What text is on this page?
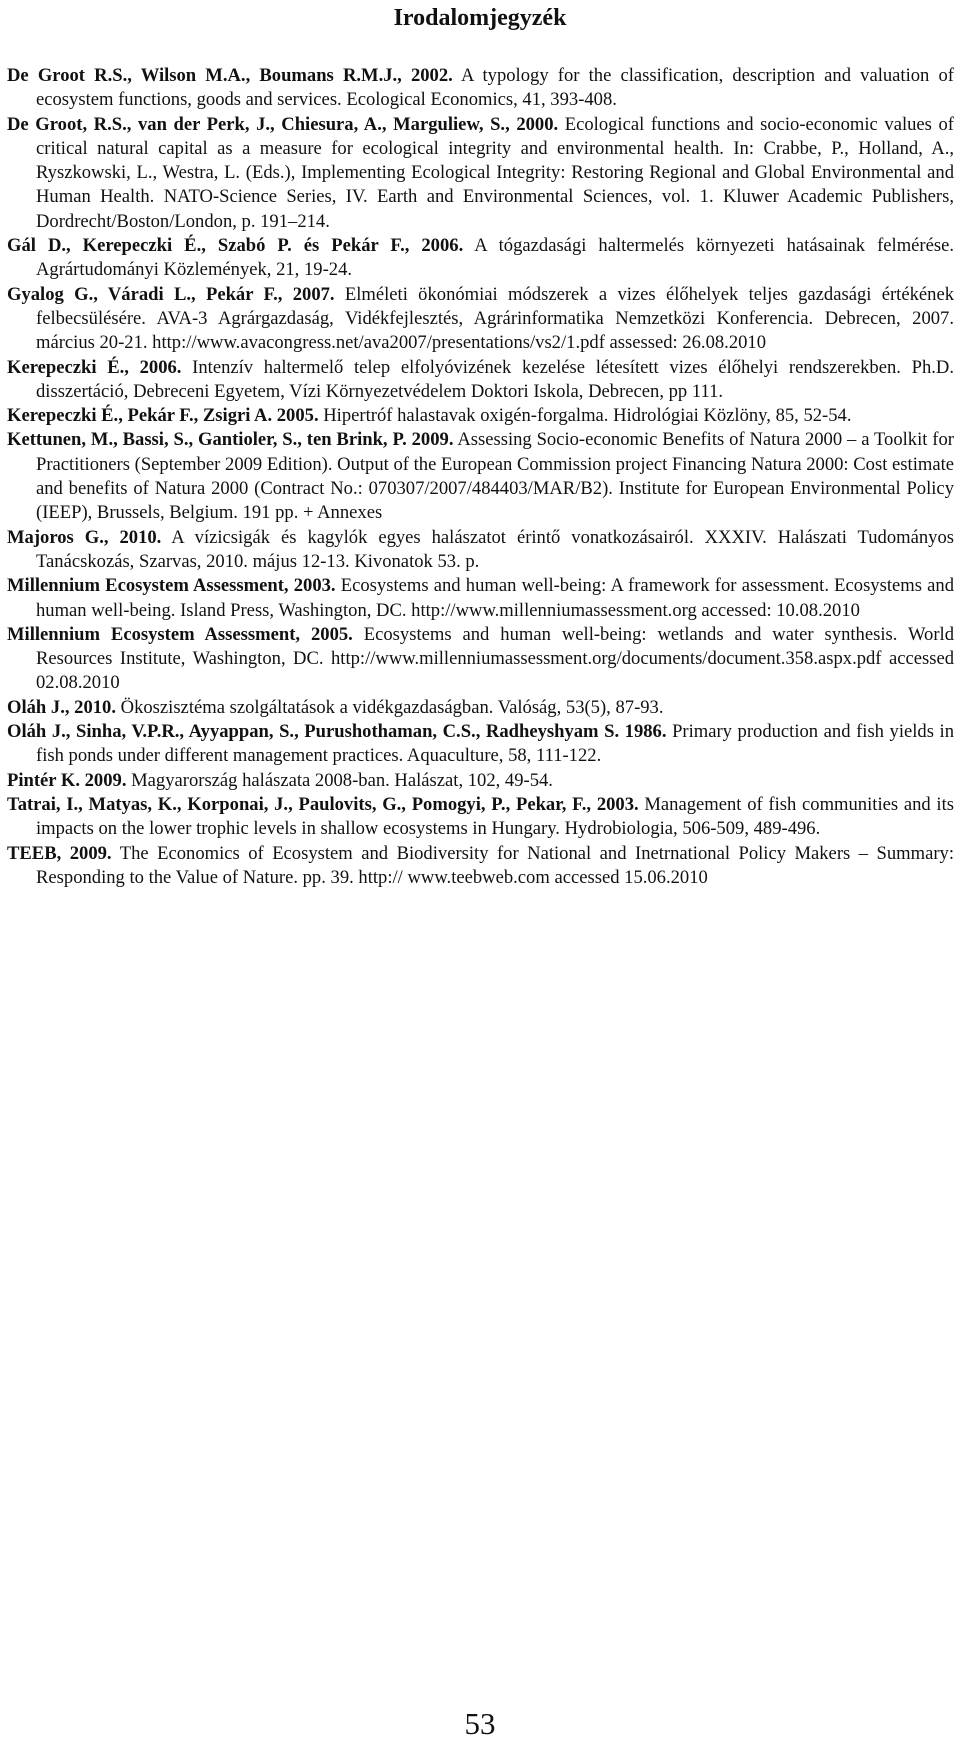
Irodalomjegyzék
De Groot R.S., Wilson M.A., Boumans R.M.J., 2002. A typology for the classification, description and valuation of ecosystem functions, goods and services. Ecological Economics, 41, 393-408.
De Groot, R.S., van der Perk, J., Chiesura, A., Marguliew, S., 2000. Ecological functions and socio-economic values of critical natural capital as a measure for ecological integrity and environmental health. In: Crabbe, P., Holland, A., Ryszkowski, L., Westra, L. (Eds.), Implementing Ecological Integrity: Restoring Regional and Global Environmental and Human Health. NATO-Science Series, IV. Earth and Environmental Sciences, vol. 1. Kluwer Academic Publishers, Dordrecht/Boston/London, p. 191–214.
Gál D., Kerepeczki É., Szabó P. és Pekár F., 2006. A tógazdasági haltermelés környezeti hatásainak felmérése. Agrártudományi Közlemények, 21, 19-24.
Gyalog G., Váradi L., Pekár F., 2007. Elméleti ökonómiai módszerek a vizes élőhelyek teljes gazdasági értékének felbecsülésére. AVA-3 Agrárgazdaság, Vidékfejlesztés, Agrárinformatika Nemzetközi Konferencia. Debrecen, 2007. március 20-21. http://www.avacongress.net/ava2007/presentations/vs2/1.pdf assessed: 26.08.2010
Kerepeczki É., 2006. Intenzív haltermelő telep elfolyóvizének kezelése létesített vizes élőhelyi rendszerekben. Ph.D. disszertáció, Debreceni Egyetem, Vízi Környezetvédelem Doktori Iskola, Debrecen, pp 111.
Kerepeczki É., Pekár F., Zsigri A. 2005. Hipertróf halastavak oxigén-forgalma. Hidrológiai Közlöny, 85, 52-54.
Kettunen, M., Bassi, S., Gantioler, S., ten Brink, P. 2009. Assessing Socio-economic Benefits of Natura 2000 – a Toolkit for Practitioners (September 2009 Edition). Output of the European Commission project Financing Natura 2000: Cost estimate and benefits of Natura 2000 (Contract No.: 070307/2007/484403/MAR/B2). Institute for European Environmental Policy (IEEP), Brussels, Belgium. 191 pp. + Annexes
Majoros G., 2010. A vízicsigák és kagylók egyes halászatot érintő vonatkozásairól. XXXIV. Halászati Tudományos Tanácskozás, Szarvas, 2010. május 12-13. Kivonatok 53. p.
Millennium Ecosystem Assessment, 2003. Ecosystems and human well-being: A framework for assessment. Ecosystems and human well-being. Island Press, Washington, DC. http://www.millenniumassessment.org accessed: 10.08.2010
Millennium Ecosystem Assessment, 2005. Ecosystems and human well-being: wetlands and water synthesis. World Resources Institute, Washington, DC. http://www.millenniumassessment.org/documents/document.358.aspx.pdf accessed 02.08.2010
Oláh J., 2010. Ökoszisztéma szolgáltatások a vidékgazdaságban. Valóság, 53(5), 87-93.
Oláh J., Sinha, V.P.R., Ayyappan, S., Purushothaman, C.S., Radheyshyam S. 1986. Primary production and fish yields in fish ponds under different management practices. Aquaculture, 58, 111-122.
Pintér K. 2009. Magyarország halászata 2008-ban. Halászat, 102, 49-54.
Tatrai, I., Matyas, K., Korponai, J., Paulovits, G., Pomogyi, P., Pekar, F., 2003. Management of fish communities and its impacts on the lower trophic levels in shallow ecosystems in Hungary. Hydrobiologia, 506-509, 489-496.
TEEB, 2009. The Economics of Ecosystem and Biodiversity for National and Inetrnational Policy Makers – Summary: Responding to the Value of Nature. pp. 39. http:// www.teebweb.com accessed 15.06.2010
53
